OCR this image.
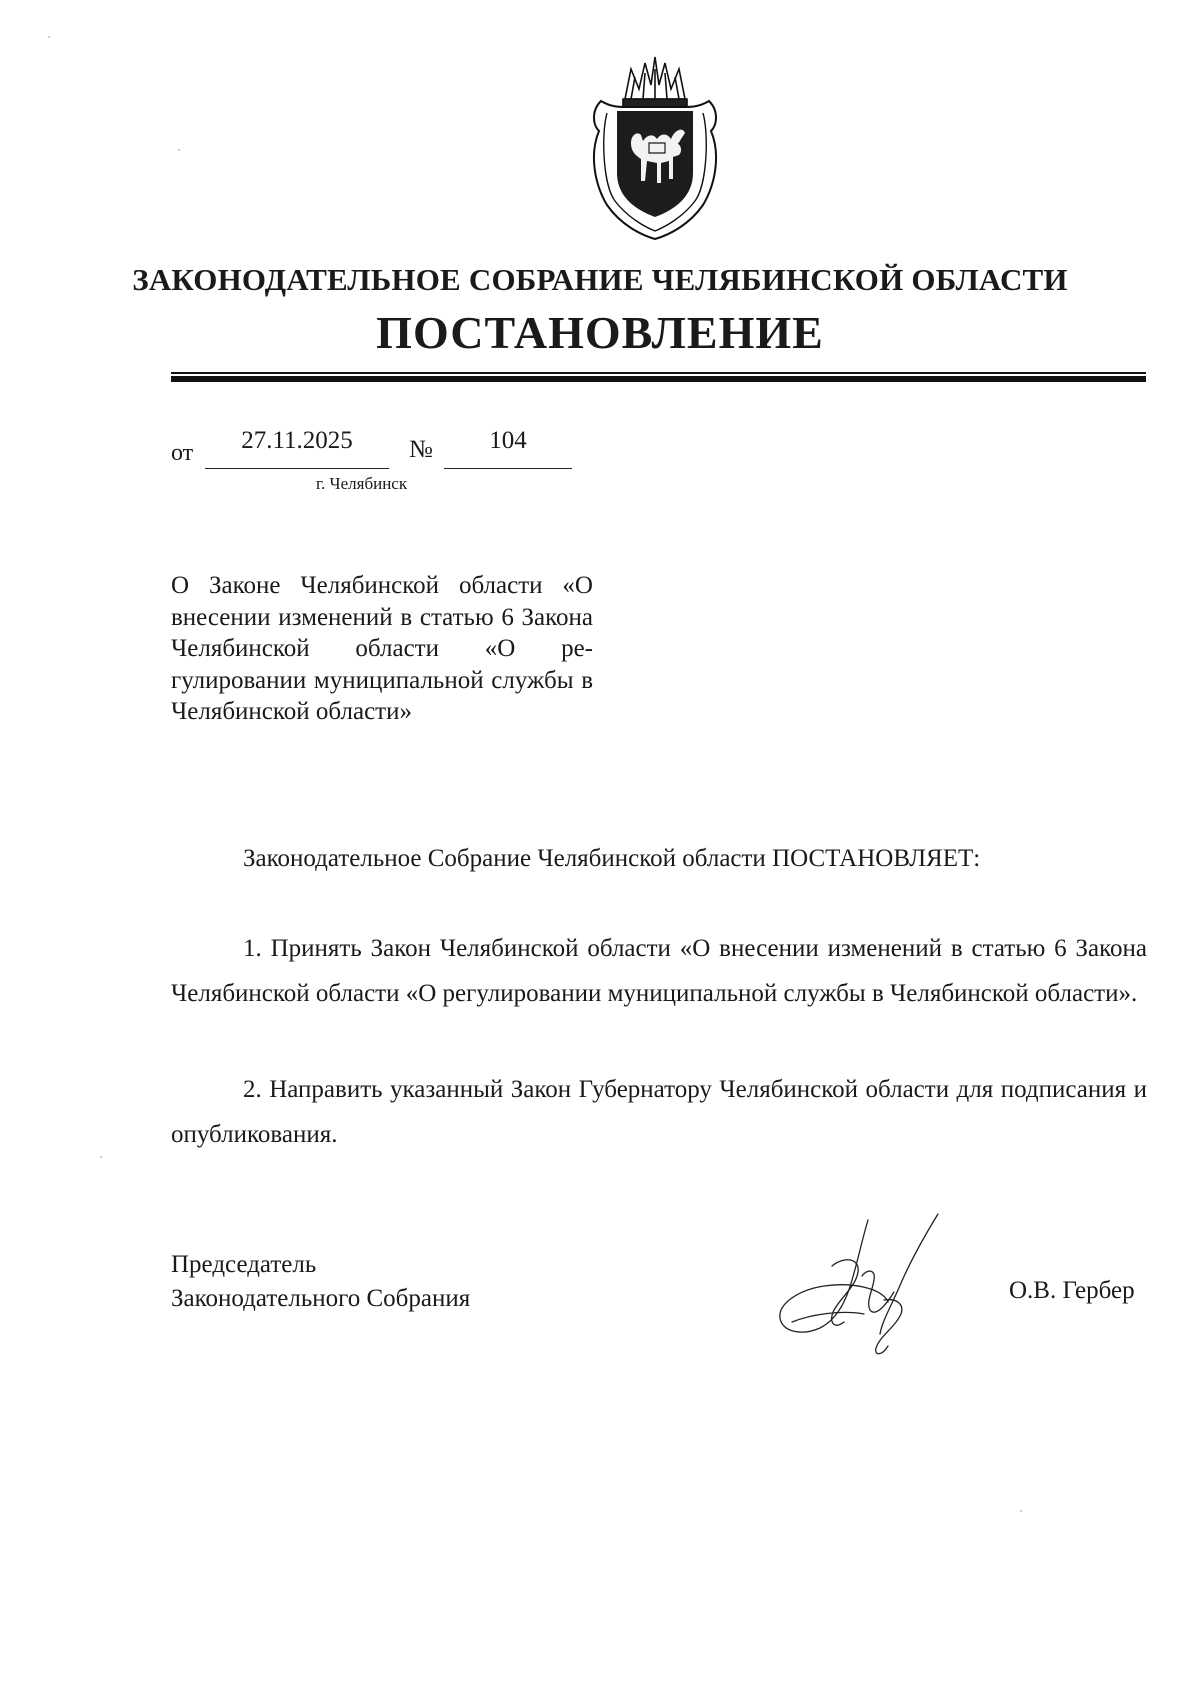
ЗАКОНОДАТЕЛЬНОЕ СОБРАНИЕ ЧЕЛЯБИНСКОЙ ОБЛАСТИ
ПОСТАНОВЛЕНИЕ
от	27.11.2025	№	104
г. Челябинск
О Законе Челябинской области «О внесении изменений в статью 6 Закона Челябинской области «О регулировании муниципальной службы в Челябинской области»
Законодательное Собрание Челябинской области ПОСТАНОВЛЯЕТ:

1. Принять Закон Челябинской области «О внесении изменений в статью 6 Закона Челябинской области «О регулировании муниципальной службы в Челябинской области».

2. Направить указанный Закон Губернатору Челябинской области для подписания и опубликования.

Председатель
Законодательного Собрания	О.В. Гербер
